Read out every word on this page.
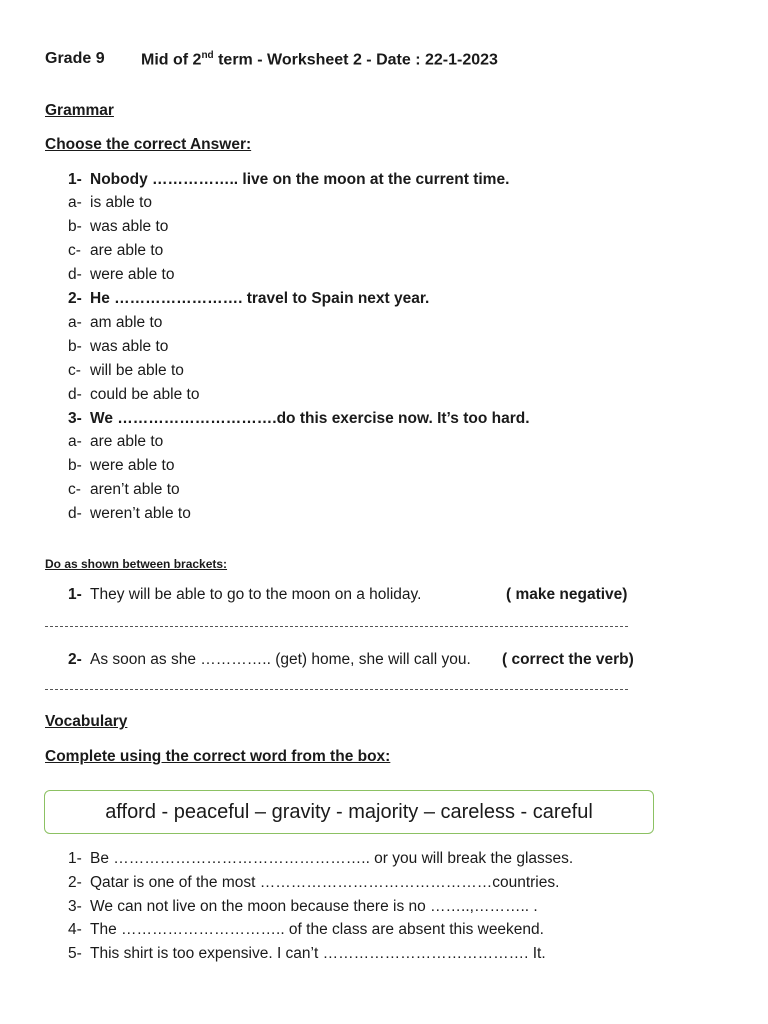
Grade 9 Mid of 2nd term - Worksheet 2 - Date : 22-1-2023
Grammar
Choose the correct Answer:
1- Nobody …………….. live on the moon at the current time.
a- is able to
b- was able to
c- are able to
d- were able to
2- He ……………………. travel to Spain next year.
a- am able to
b- was able to
c- will be able to
d- could be able to
3- We ………………………….do this exercise now. It’s too hard.
a- are able to
b- were able to
c- aren’t able to
d- weren’t able to
Do as shown between brackets:
1- They will be able to go to the moon on a holiday.	( make negative)
2- As soon as she ………….. (get) home, she will call you. ( correct the verb)
Vocabulary
Complete using the correct word from the box:
afford - peaceful – gravity - majority – careless - careful
1- Be ………………………………………….. or you will break the glasses.
2- Qatar is one of the most ………………………………………countries.
3- We can not live on the moon because there is no ……..,……….. .
4- The ………………………….. of the class are absent this weekend.
5- This shirt is too expensive. I can’t …………………………………. It.
